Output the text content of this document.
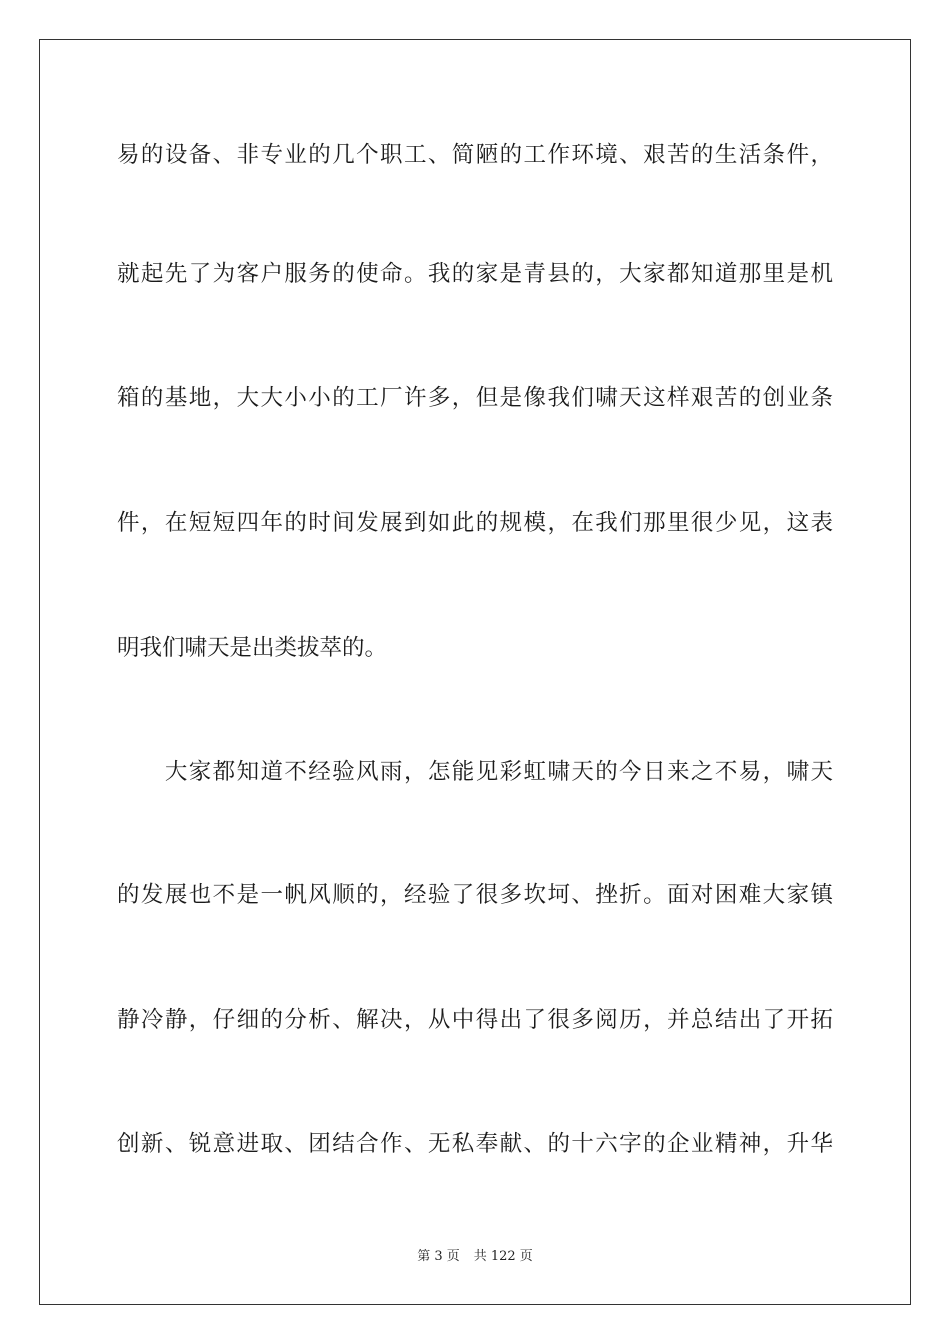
易的设备、非专业的几个职工、简陋的工作环境、艰苦的生活条件，
就起先了为客户服务的使命。我的家是青县的，大家都知道那里是机
箱的基地，大大小小的工厂许多，但是像我们啸天这样艰苦的创业条
件，在短短四年的时间发展到如此的规模，在我们那里很少见，这表
明我们啸天是出类拔萃的。
　　大家都知道不经验风雨，怎能见彩虹啸天的今日来之不易，啸天
的发展也不是一帆风顺的，经验了很多坎坷、挫折。面对困难大家镇
静冷静，仔细的分析、解决，从中得出了很多阅历，并总结出了开拓
创新、锐意进取、团结合作、无私奉献、的十六字的企业精神，升华
第 3 页 共 122 页
